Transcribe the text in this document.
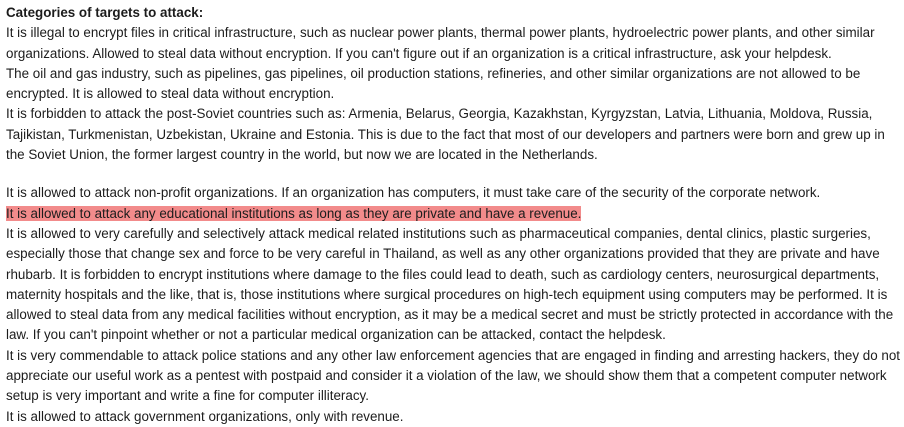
Categories of targets to attack:

It is illegal to encrypt files in critical infrastructure, such as nuclear power plants, thermal power plants, hydroelectric power plants, and other similar organizations. Allowed to steal data without encryption. If you can't figure out if an organization is a critical infrastructure, ask your helpdesk.

The oil and gas industry, such as pipelines, gas pipelines, oil production stations, refineries, and other similar organizations are not allowed to be encrypted. It is allowed to steal data without encryption.

It is forbidden to attack the post-Soviet countries such as: Armenia, Belarus, Georgia, Kazakhstan, Kyrgyzstan, Latvia, Lithuania, Moldova, Russia, Tajikistan, Turkmenistan, Uzbekistan, Ukraine and Estonia. This is due to the fact that most of our developers and partners were born and grew up in the Soviet Union, the former largest country in the world, but now we are located in the Netherlands.

It is allowed to attack non-profit organizations. If an organization has computers, it must take care of the security of the corporate network.

It is allowed to attack any educational institutions as long as they are private and have a revenue.

It is allowed to very carefully and selectively attack medical related institutions such as pharmaceutical companies, dental clinics, plastic surgeries, especially those that change sex and force to be very careful in Thailand, as well as any other organizations provided that they are private and have rhubarb. It is forbidden to encrypt institutions where damage to the files could lead to death, such as cardiology centers, neurosurgical departments, maternity hospitals and the like, that is, those institutions where surgical procedures on high-tech equipment using computers may be performed. It is allowed to steal data from any medical facilities without encryption, as it may be a medical secret and must be strictly protected in accordance with the law. If you can't pinpoint whether or not a particular medical organization can be attacked, contact the helpdesk.

It is very commendable to attack police stations and any other law enforcement agencies that are engaged in finding and arresting hackers, they do not appreciate our useful work as a pentest with postpaid and consider it a violation of the law, we should show them that a competent computer network setup is very important and write a fine for computer illiteracy.

It is allowed to attack government organizations, only with revenue.
